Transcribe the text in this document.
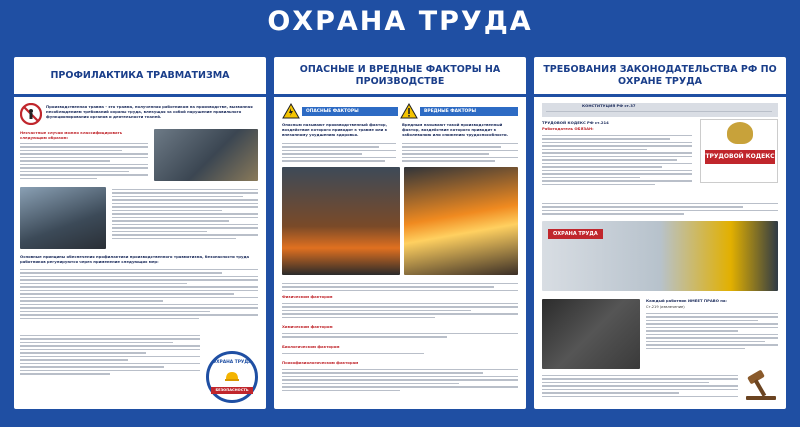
ОХРАНА ТРУДА
ПРОФИЛАКТИКА ТРАВМАТИЗМА
Производственная травма - это травма, полученная работником на производстве, вызванная несоблюдением требований охраны труда, влекущая за собой нарушение правильного функционирования органов и деятельности тканей.
Несчастные случаи можно классифицировать следующим образом:
Основные принципы обеспечения профилактики производственного травматизма, безопасности труда работников регулируются через применение следующих мер:
ОХРАНА ТРУДА
БЕЗОПАСНОСТЬ
ОПАСНЫЕ И ВРЕДНЫЕ ФАКТОРЫ НА ПРОИЗВОДСТВЕ
ОПАСНЫЕ ФАКТОРЫ	ВРЕДНЫЕ ФАКТОРЫ
Опасным называют производственный фактор, воздействие которого приводит к травме или к внезапному ухудшению здоровья.
Вредным называют такой производственный фактор, воздействие которого приводит к заболеванию или снижению трудоспособности.
Физическим фактором
Химическим фактором
Биологическим фактором
Психофизиологическим факторам
ТРЕБОВАНИЯ ЗАКОНОДАТЕЛЬСТВА РФ ПО ОХРАНЕ ТРУДА
КОНСТИТУЦИЯ РФ ст.37
ТРУДОВОЙ КОДЕКС РФ ст.214
Работодатель ОБЯЗАН:
ТРУДОВОЙ КОДЕКС
ОХРАНА ТРУДА
Каждый работник ИМЕЕТ ПРАВО на:
Ст.219 (извлечение)
